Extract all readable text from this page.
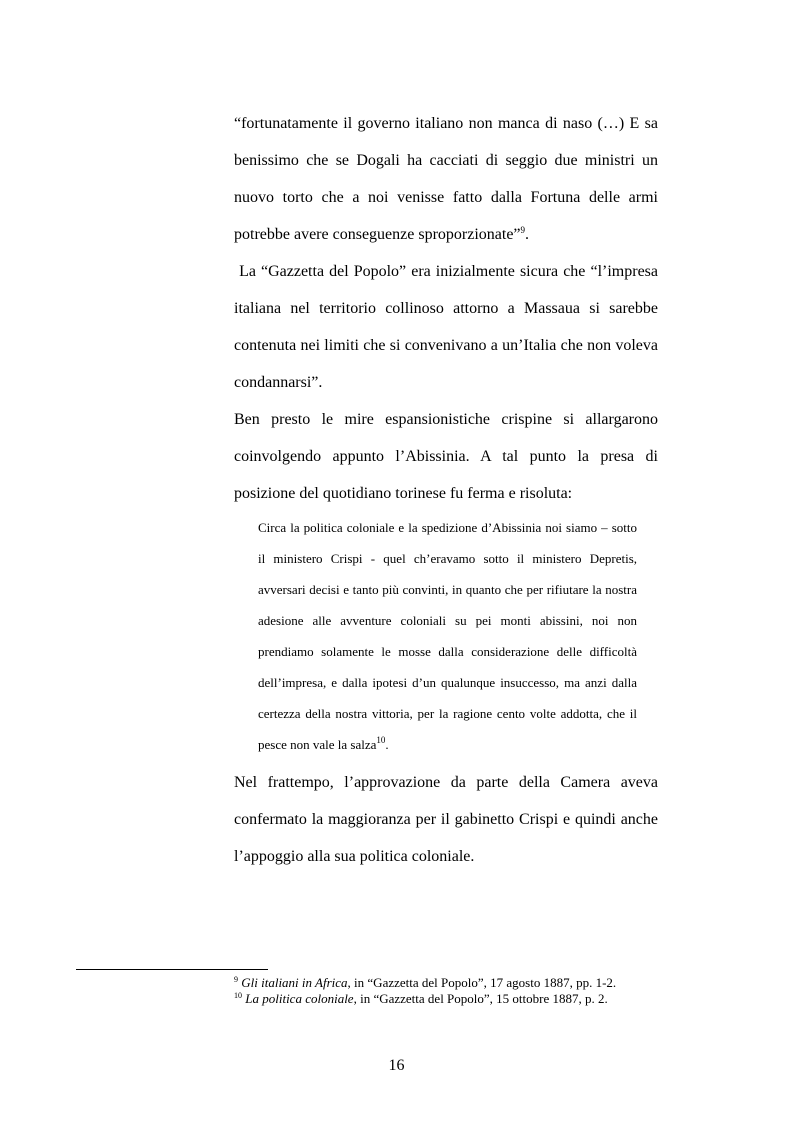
“fortunatamente il governo italiano non manca di naso (…) E sa benissimo che se Dogali ha cacciati di seggio due ministri un nuovo torto che a noi venisse fatto dalla Fortuna delle armi potrebbe avere conseguenze sproporzionate”$^9$.

La “Gazzetta del Popolo” era inizialmente sicura che “l’impresa italiana nel territorio collinoso attorno a Massaua si sarebbe contenuta nei limiti che si convenivano a un’Italia che non voleva condannarsi”.

Ben presto le mire espansionistiche crispine si allargarono coinvolgendo appunto l’Abissinia. A tal punto la presa di posizione del quotidiano torinese fu ferma e risoluta:

Circa la politica coloniale e la spedizione d’Abissinia noi siamo – sotto il ministero Crispi - quel ch’eravamo sotto il ministero Depretis, avversari decisi e tanto più convinti, in quanto che per rifiutare la nostra adesione alle avventure coloniali su pei monti abissini, noi non prendiamo solamente le mosse dalla considerazione delle difficoltà dell’impresa, e dalla ipotesi d’un qualunque insuccesso, ma anzi dalla certezza della nostra vittoria, per la ragione cento volte addotta, che il pesce non vale la salza$^{10}$.

Nel frattempo, l’approvazione da parte della Camera aveva confermato la maggioranza per il gabinetto Crispi e quindi anche l’appoggio alla sua politica coloniale.

$^9$ Gli italiani in Africa, in “Gazzetta del Popolo”, 17 agosto 1887, pp. 1-2.
$^{10}$ La politica coloniale, in “Gazzetta del Popolo”, 15 ottobre 1887, p. 2.
16
